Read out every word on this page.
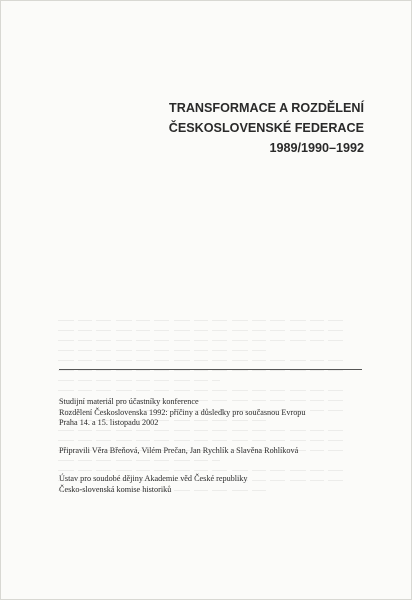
TRANSFORMACE A ROZDĚLENÍ
ČESKOSLOVENSKÉ FEDERACE
1989/1990–1992
Studijní materiál pro účastníky konference
Rozdělení Československa 1992: příčiny a důsledky pro současnou Evropu
Praha 14. a 15. listopadu 2002
Připravili Věra Břeňová, Vilém Prečan, Jan Rychlík a Slavěna Rohlíková
Ústav pro soudobé dějiny Akademie věd České republiky
Česko-slovenská komise historiků
